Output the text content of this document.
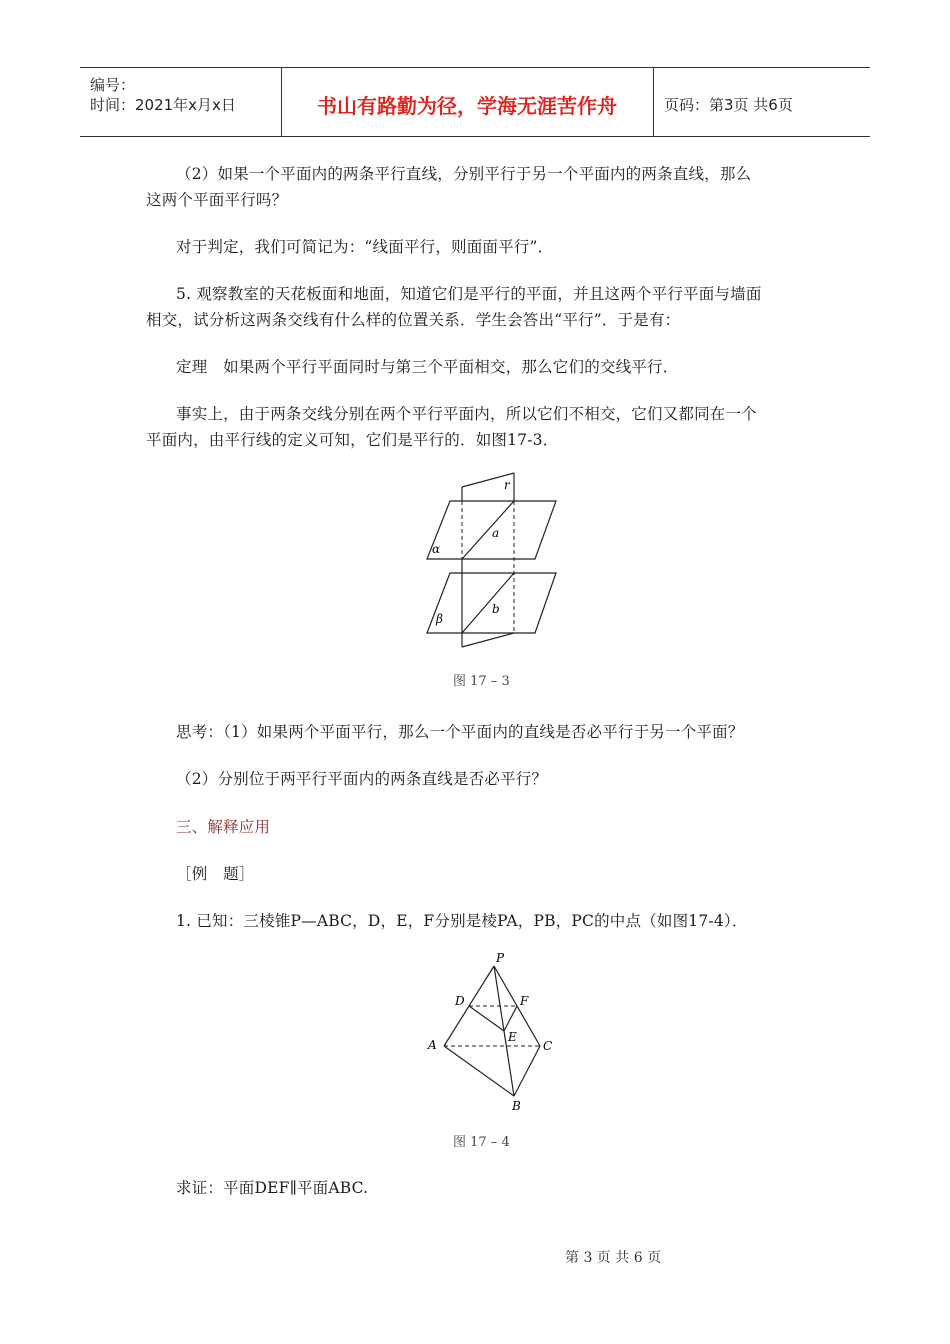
编号：
时间：2021年x月x日	书山有路勤为径，学海无涯苦作舟	页码：第3页 共6页
（2）如果一个平面内的两条平行直线，分别平行于另一个平面内的两条直线，那么
这两个平面平行吗？
对于判定，我们可简记为：“线面平行，则面面平行”．
5. 观察教室的天花板面和地面，知道它们是平行的平面，并且这两个平行平面与墙面
相交，试分析这两条交线有什么样的位置关系．学生会答出“平行”．于是有：
定理　如果两个平行平面同时与第三个平面相交，那么它们的交线平行．
事实上，由于两条交线分别在两个平行平面内，所以它们不相交，它们又都同在一个
平面内，由平行线的定义可知，它们是平行的．如图17-3．
r
a
α
b
β
图 17 – 3
思考：（1）如果两个平面平行，那么一个平面内的直线是否必平行于另一个平面？
（2）分别位于两平行平面内的两条直线是否必平行？
三、解释应用
［例　题］
1. 已知：三棱锥P—ABC，D，E，F分别是棱PA，PB，PC的中点（如图17-4）．
P
D	F
A
E
C
B
图 17 – 4
求证：平面DEF∥平面ABC.
第 3 页 共 6 页
